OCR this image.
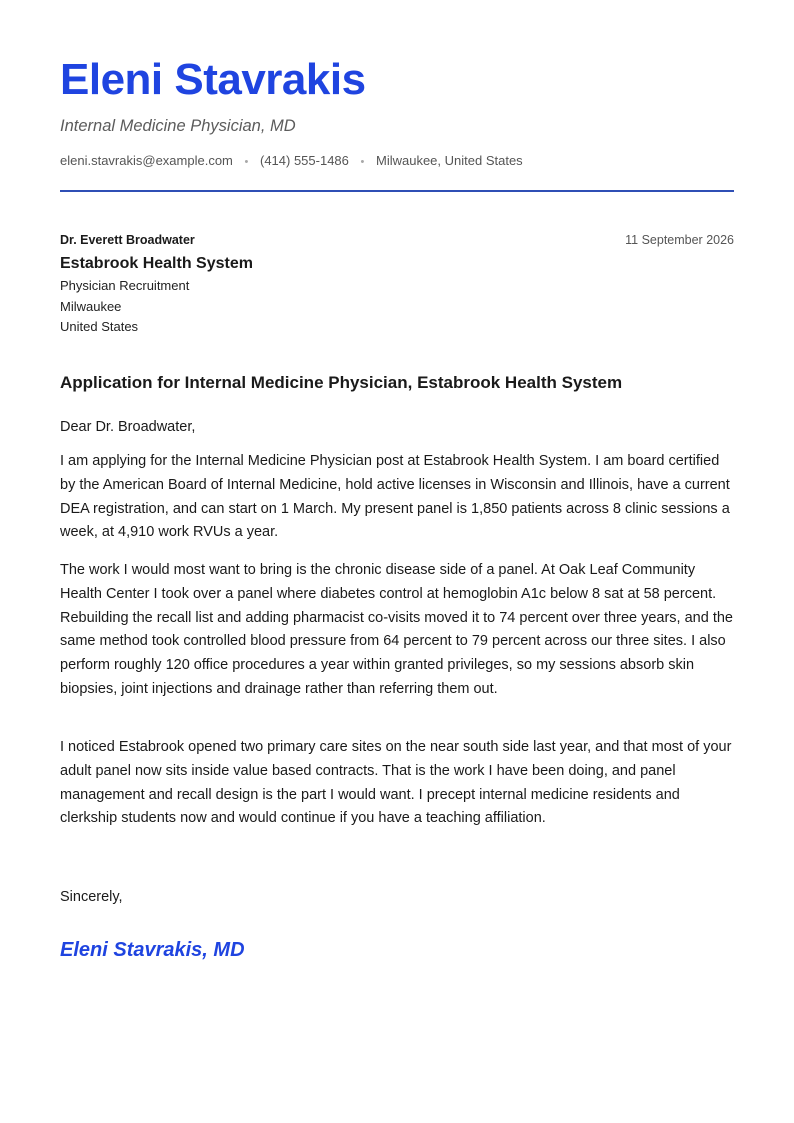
Eleni Stavrakis
Internal Medicine Physician, MD
eleni.stavrakis@example.com • (414) 555-1486 • Milwaukee, United States
Dr. Everett Broadwater	11 September 2026
Estabrook Health System
Physician Recruitment
Milwaukee
United States
Application for Internal Medicine Physician, Estabrook Health System
Dear Dr. Broadwater,

I am applying for the Internal Medicine Physician post at Estabrook Health System. I am board certified by the American Board of Internal Medicine, hold active licenses in Wisconsin and Illinois, have a current DEA registration, and can start on 1 March. My present panel is 1,850 patients across 8 clinic sessions a week, at 4,910 work RVUs a year.

The work I would most want to bring is the chronic disease side of a panel. At Oak Leaf Community Health Center I took over a panel where diabetes control at hemoglobin A1c below 8 sat at 58 percent. Rebuilding the recall list and adding pharmacist co-visits moved it to 74 percent over three years, and the same method took controlled blood pressure from 64 percent to 79 percent across our three sites. I also perform roughly 120 office procedures a year within granted privileges, so my sessions absorb skin biopsies, joint injections and drainage rather than referring them out.

I noticed Estabrook opened two primary care sites on the near south side last year, and that most of your adult panel now sits inside value based contracts. That is the work I have been doing, and panel management and recall design is the part I would want. I precept internal medicine residents and clerkship students now and would continue if you have a teaching affiliation.

Sincerely,
Eleni Stavrakis, MD
